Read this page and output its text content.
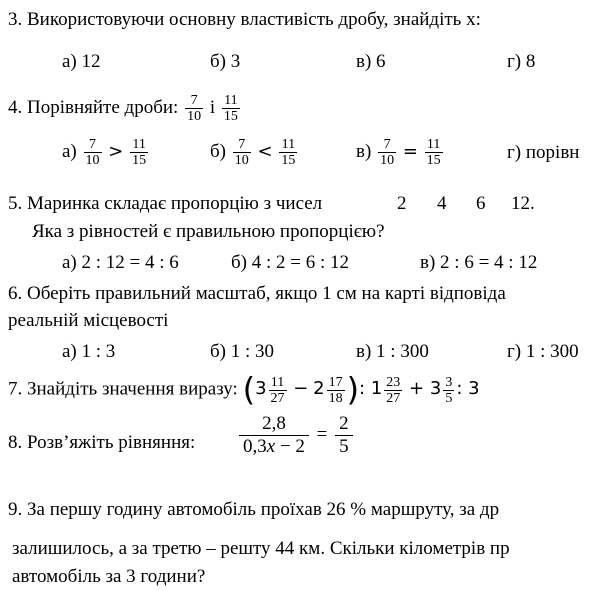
3. Використовуючи основну властивість дробу, знайдіть х:
а) 12	б) 3	в) 6	г) 8
4. Порівняйте дроби: $\frac{7}{10}$ і $\frac{11}{15}$
$а) \frac{7}{10} > \frac{11}{15}$	$б) \frac{7}{10} < \frac{11}{15}$	$в) \frac{7}{10} = \frac{11}{15}$	г) порівн
5. Маринка складає пропорцію з чисел	2 4 6 12.
Яка з рівностей є правильною пропорцією?
а) 2 : 12 = 4 : 6	б) 4 : 2 = 6 : 12	в) 2 : 6 = 4 : 12
6. Оберіть правильний масштаб, якщо 1 см на карті відповіда
реальній місцевості
а) 1 : 3	б) 1 : 30	в) 1 : 300	г) 1 : 300
7. Знайдіть значення виразу: ($3 \frac{11}{27} - 2 \frac{17}{18}$ ): $1 \frac{23}{27} + 3 \frac{3}{5}$ : 3
8. Розв’яжіть рівняння: $\frac{2,8}{0,3x - 2} = \frac{2}{5}$
9. За першу годину автомобіль проїхав 26 % маршруту, за др
залишилось, а за третю – решту 44 км. Скільки кілометрів пр
автомобіль за 3 години?
